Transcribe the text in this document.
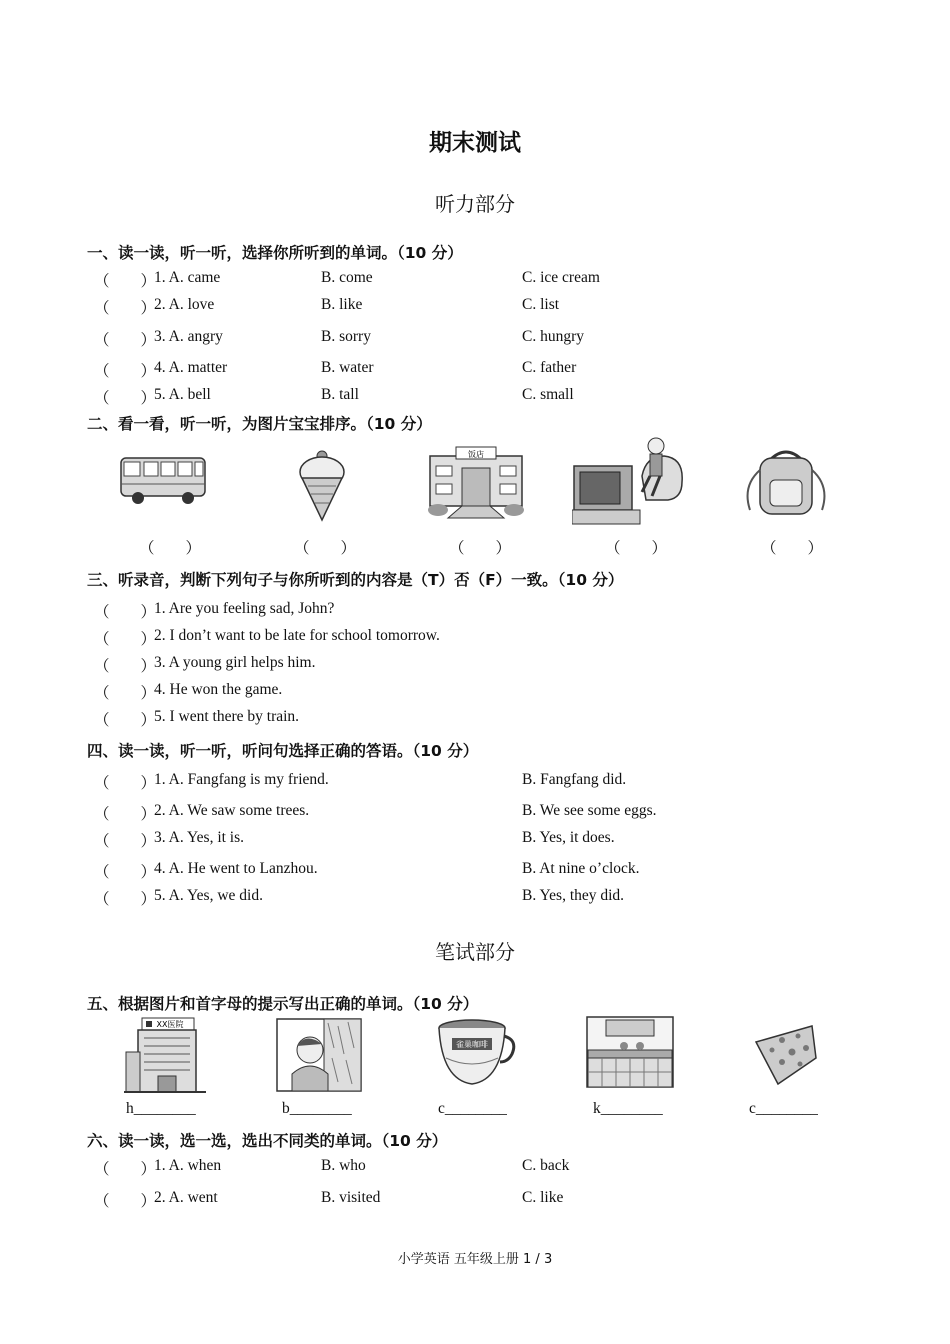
期末测试
听力部分
一、读一读，听一听，选择你所听到的单词。（10 分）
（　　）
1. A. came	B. come	C. ice cream
（　　）
2. A. love	B. like	C. list
（　　）
3. A. angry	B. sorry	C. hungry
（　　）
4. A. matter	B. water	C. father
（　　）
5. A. bell	B. tall	C. small
二、看一看，听一听，为图片宝宝排序。（10 分）
饭店
（　　）	（　　）	（　　）	（　　）	（　　）
三、听录音，判断下列句子与你所听到的内容是（T）否（F）一致。（10 分）
（　　）
1. Are you feeling sad, John?
（　　）
2. I don’t want to be late for school tomorrow.
（　　）
3. A young girl helps him.
（　　）
4. He won the game.
（　　）
5. I went there by train.
四、读一读，听一听，听问句选择正确的答语。（10 分）
（　　）
1. A. Fangfang is my friend.	B. Fangfang did.
（　　）
2. A. We saw some trees.	B. We see some eggs.
（　　）
3. A. Yes, it is.	B. Yes, it does.
（　　）
4. A. He went to Lanzhou.	B. At nine o’clock.
（　　）
5. A. Yes, we did.	B. Yes, they did.
笔试部分
五、根据图片和首字母的提示写出正确的单词。（10 分）
XX医院
雀巢咖啡
h________	b________	c________	k________	c________
六、读一读，选一选，选出不同类的单词。（10 分）
（　　）
1. A. when	B. who	C. back
（　　）
2. A. went	B. visited	C. like
小学英语 五年级上册 1 / 3
